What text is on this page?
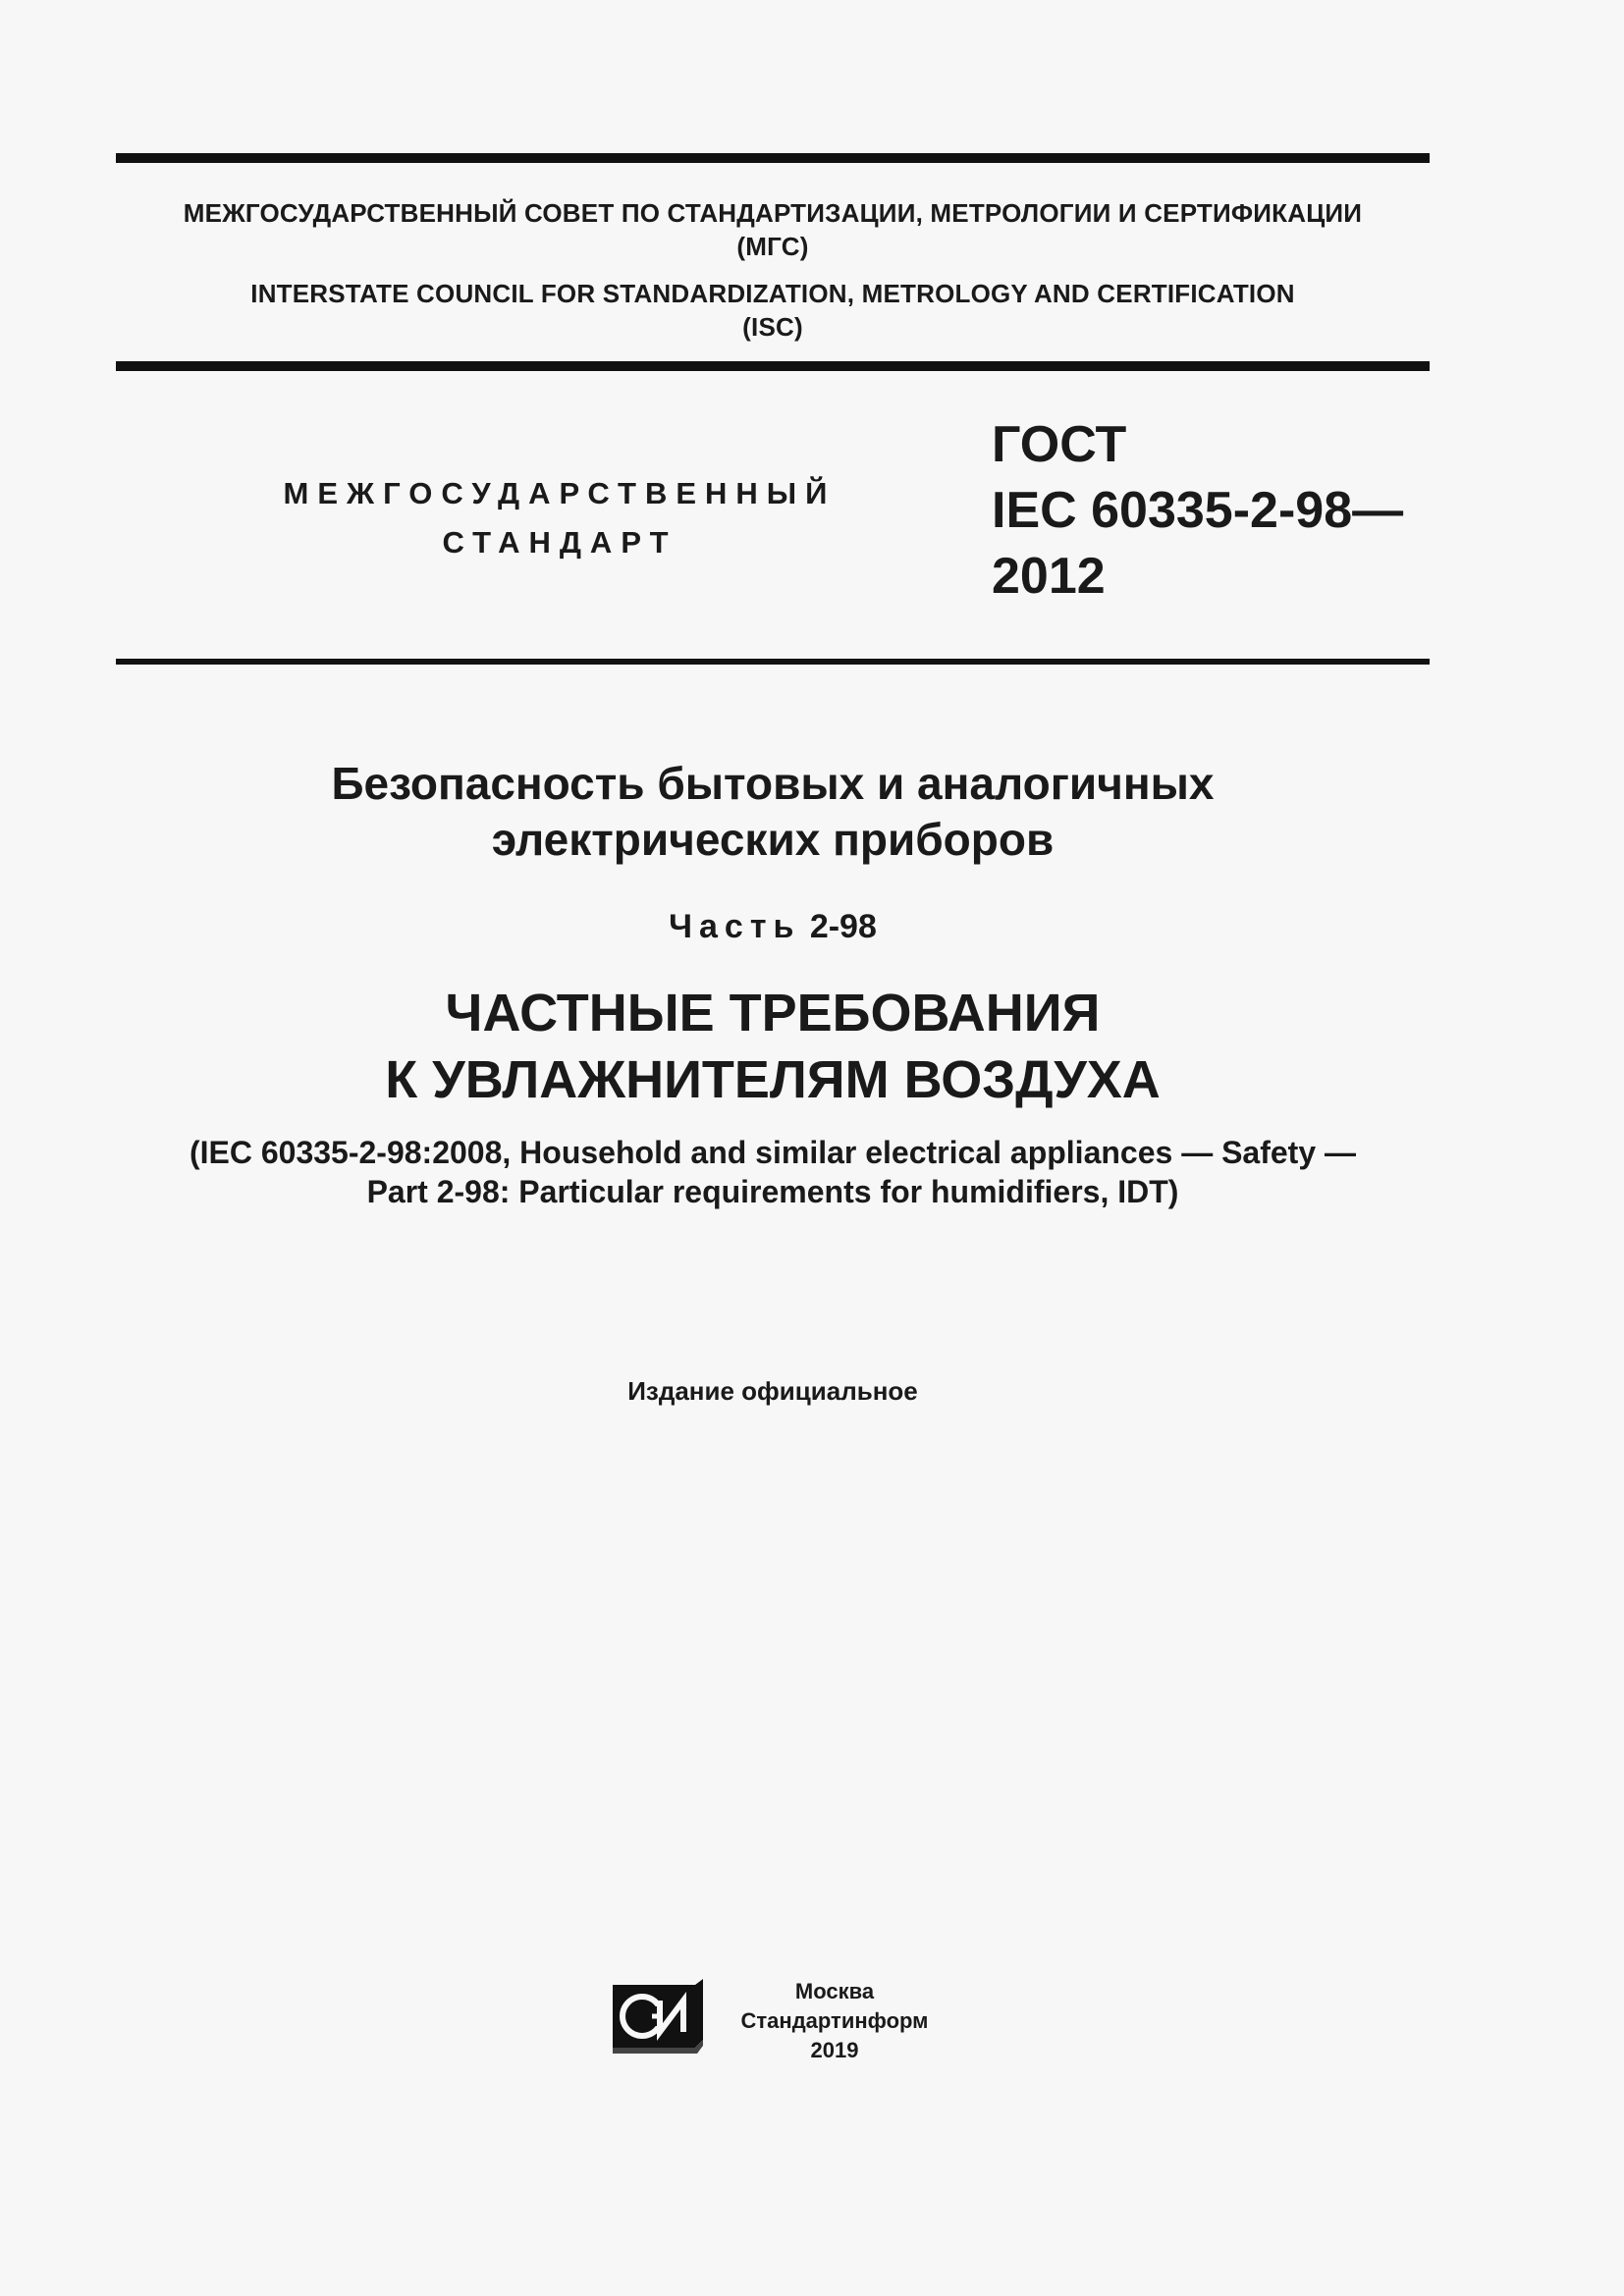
МЕЖГОСУДАРСТВЕННЫЙ СОВЕТ ПО СТАНДАРТИЗАЦИИ, МЕТРОЛОГИИ И СЕРТИФИКАЦИИ
(МГС)
INTERSTATE COUNCIL FOR STANDARDIZATION, METROLOGY AND CERTIFICATION
(ISC)
МЕЖГОСУДАРСТВЕННЫЙ
СТАНДАРТ
ГОСТ
IEC 60335-2-98—
2012
Безопасность бытовых и аналогичных
электрических приборов
Часть 2-98
ЧАСТНЫЕ ТРЕБОВАНИЯ
К УВЛАЖНИТЕЛЯМ ВОЗДУХА
(IEC 60335-2-98:2008, Household and similar electrical appliances — Safety —
Part 2-98: Particular requirements for humidifiers, IDT)
Издание официальное
Москва
Стандартинформ
2019
